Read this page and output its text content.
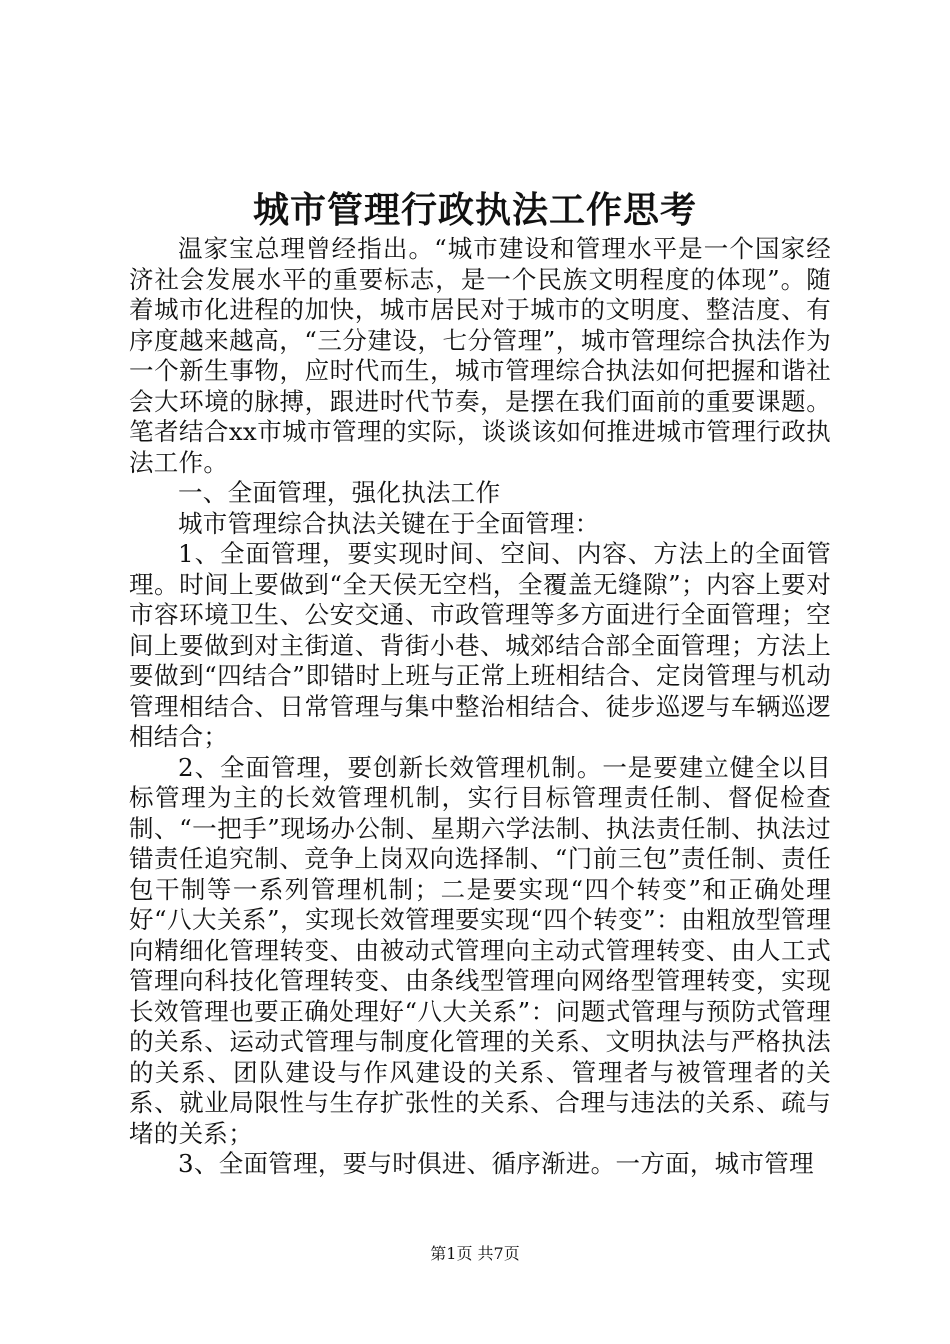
城市管理行政执法工作思考

温家宝总理曾经指出。“城市建设和管理水平是一个国家经济社会发展水平的重要标志，是一个民族文明程度的体现”。随着城市化进程的加快，城市居民对于城市的文明度、整洁度、有序度越来越高，“三分建设，七分管理”，城市管理综合执法作为一个新生事物，应时代而生，城市管理综合执法如何把握和谐社会大环境的脉搏，跟进时代节奏，是摆在我们面前的重要课题。笔者结合xx市城市管理的实际，谈谈该如何推进城市管理行政执法工作。

一、全面管理，强化执法工作

城市管理综合执法关键在于全面管理：

1、全面管理，要实现时间、空间、内容、方法上的全面管理。时间上要做到“全天侯无空档，全覆盖无缝隙”；内容上要对市容环境卫生、公安交通、市政管理等多方面进行全面管理；空间上要做到对主街道、背街小巷、城郊结合部全面管理；方法上要做到“四结合”即错时上班与正常上班相结合、定岗管理与机动管理相结合、日常管理与集中整治相结合、徒步巡逻与车辆巡逻相结合；

2、全面管理，要创新长效管理机制。一是要建立健全以目标管理为主的长效管理机制，实行目标管理责任制、督促检查制、“一把手”现场办公制、星期六学法制、执法责任制、执法过错责任追究制、竞争上岗双向选择制、“门前三包”责任制、责任包干制等一系列管理机制；二是要实现“四个转变”和正确处理好“八大关系”，实现长效管理要实现“四个转变”：由粗放型管理向精细化管理转变、由被动式管理向主动式管理转变、由人工式管理向科技化管理转变、由条线型管理向网络型管理转变，实现长效管理也要正确处理好“八大关系”：问题式管理与预防式管理的关系、运动式管理与制度化管理的关系、文明执法与严格执法的关系、团队建设与作风建设的关系、管理者与被管理者的关系、就业局限性与生存扩张性的关系、合理与违法的关系、疏与堵的关系；

3、全面管理，要与时俱进、循序渐进。一方面，城市管理

第1页 共7页
